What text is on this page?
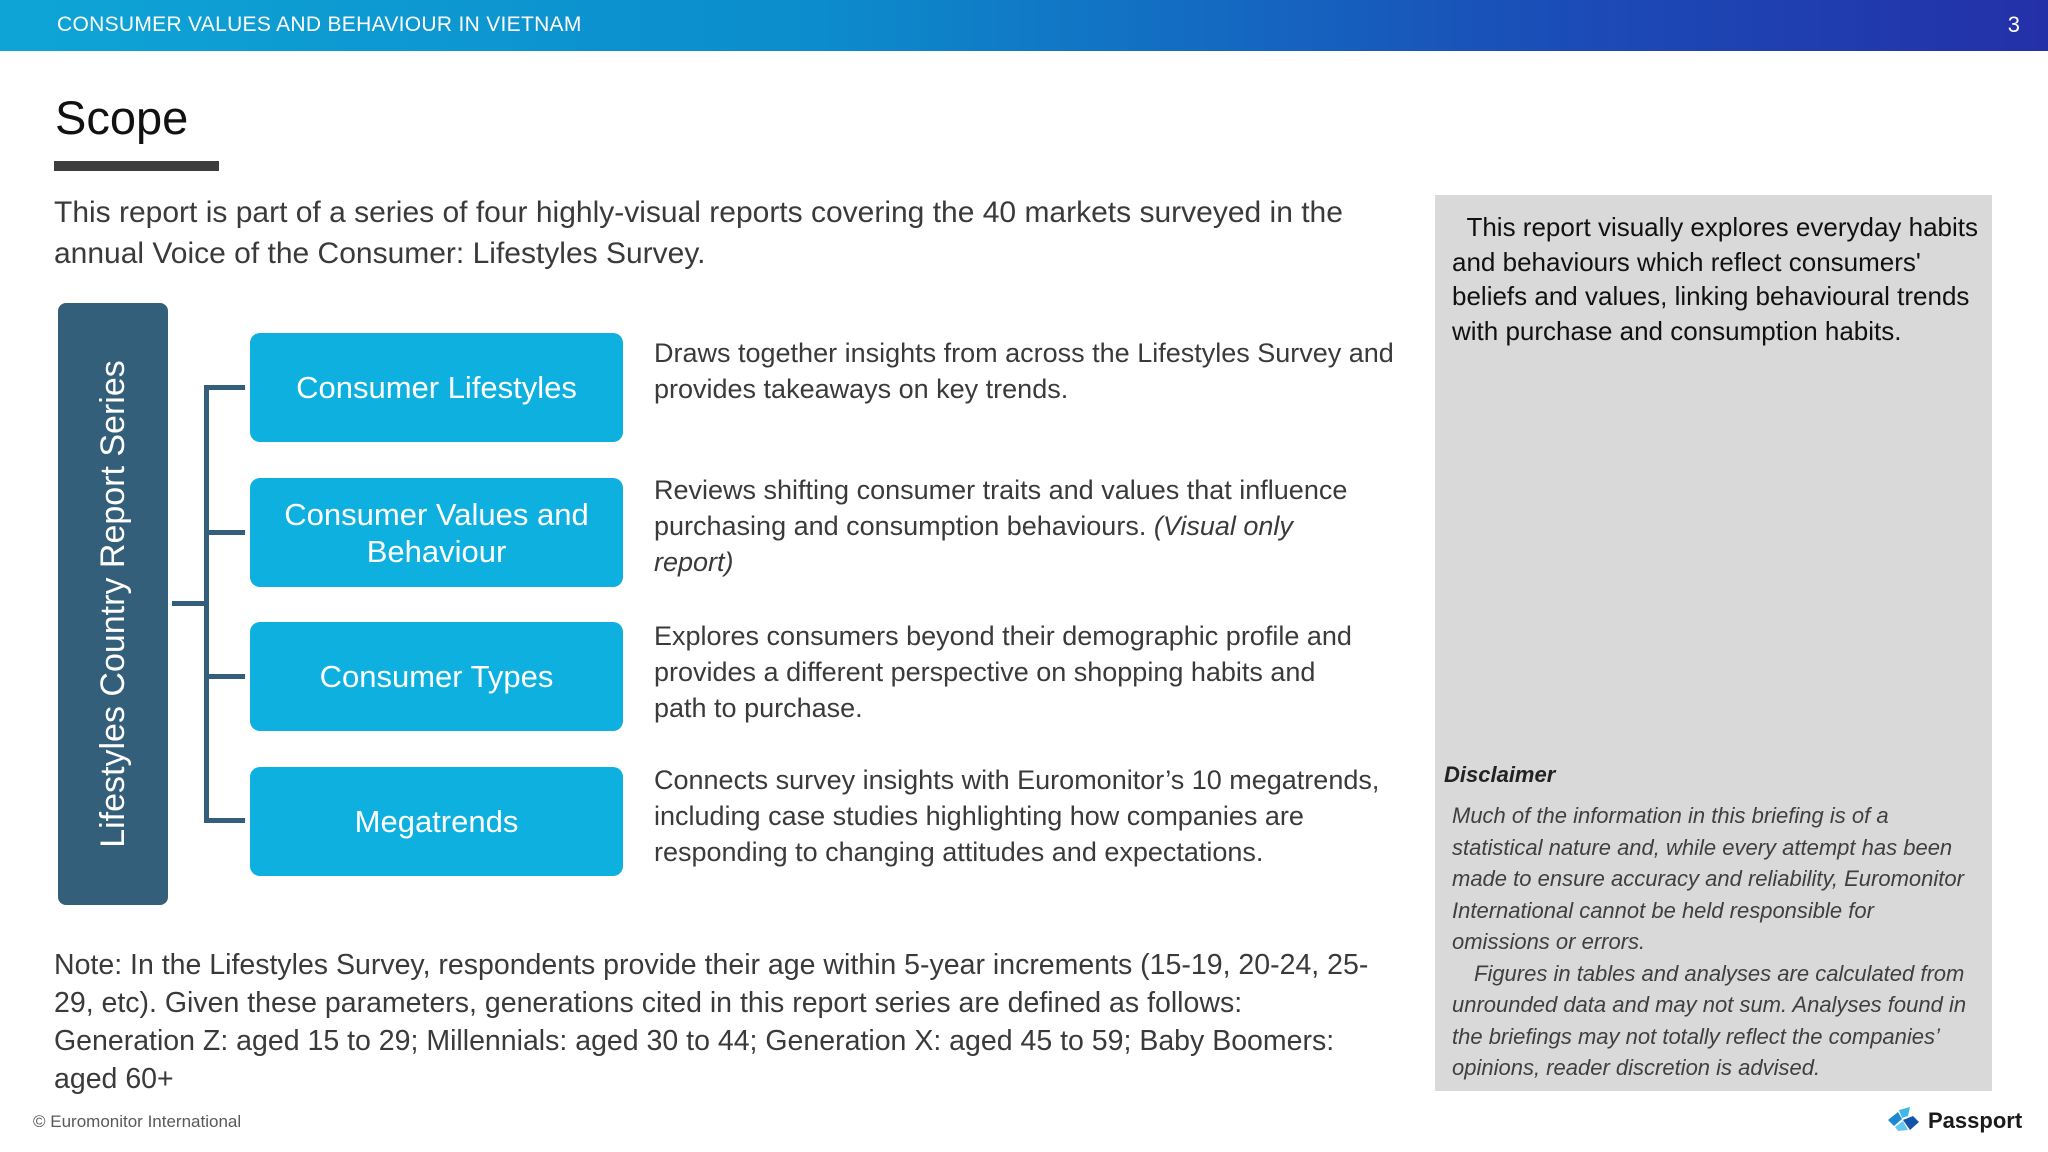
CONSUMER VALUES AND BEHAVIOUR IN VIETNAM	3
Scope
This report is part of a series of four highly-visual reports covering the 40 markets surveyed in the annual Voice of the Consumer: Lifestyles Survey.
Lifestyles Country Report Series	Consumer Lifestyles
Consumer Values and Behaviour
Consumer Types
Megatrends
Draws together insights from across the Lifestyles Survey and provides takeaways on key trends.
Reviews shifting consumer traits and values that influence purchasing and consumption behaviours. (Visual only report)
Explores consumers beyond their demographic profile and provides a different perspective on shopping habits and path to purchase.
Connects survey insights with Euromonitor’s 10 megatrends, including case studies highlighting how companies are responding to changing attitudes and expectations.
Note: In the Lifestyles Survey, respondents provide their age within 5-year increments (15-19, 20-24, 25-29, etc). Given these parameters, generations cited in this report series are defined as follows: Generation Z: aged 15 to 29; Millennials: aged 30 to 44; Generation X: aged 45 to 59; Baby Boomers: aged 60+
This report visually explores everyday habits and behaviours which reflect consumers' beliefs and values, linking behavioural trends with purchase and consumption habits.
Disclaimer
Much of the information in this briefing is of a statistical nature and, while every attempt has been made to ensure accuracy and reliability, Euromonitor International cannot be held responsible for omissions or errors.
Figures in tables and analyses are calculated from unrounded data and may not sum. Analyses found in the briefings may not totally reflect the companies’ opinions, reader discretion is advised.
© Euromonitor International	Passport
